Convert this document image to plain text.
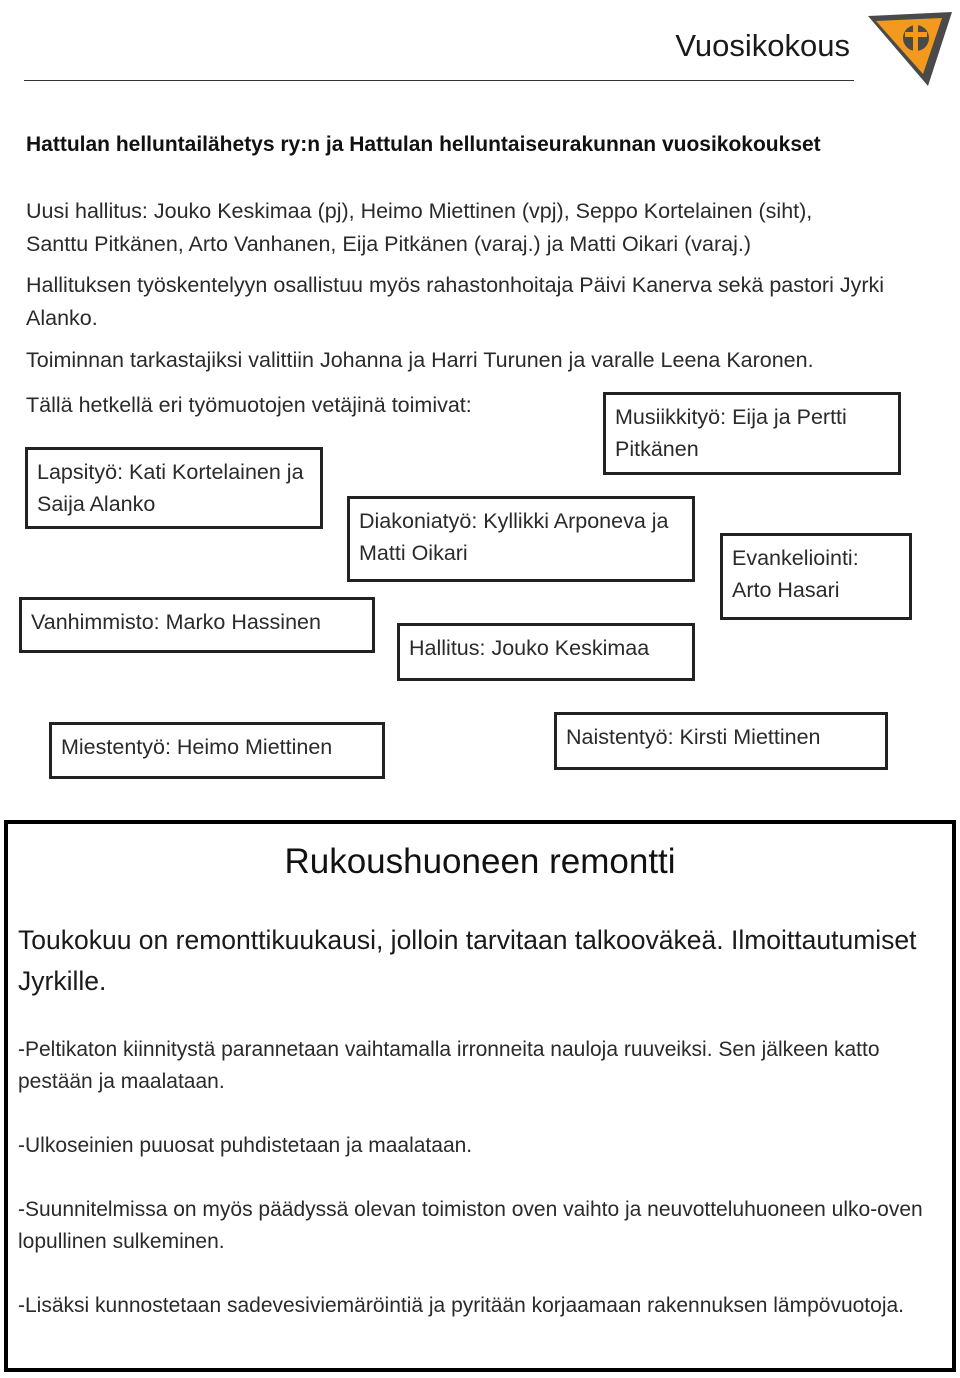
Vuosikokous
Hattulan helluntailähetys ry:n ja Hattulan helluntaiseurakunnan vuosikokoukset
Uusi hallitus: Jouko Keskimaa (pj), Heimo Miettinen (vpj), Seppo Kortelainen (siht),
Santtu Pitkänen, Arto Vanhanen, Eija Pitkänen (varaj.) ja Matti Oikari (varaj.)
Hallituksen työskentelyyn osallistuu myös rahastonhoitaja Päivi Kanerva sekä pastori Jyrki Alanko.
Toiminnan tarkastajiksi valittiin Johanna ja Harri Turunen ja varalle Leena Karonen.
Tällä hetkellä eri työmuotojen vetäjinä toimivat:	Musiikkityö: Eija ja Pertti Pitkänen
Lapsityö: Kati Kortelainen ja Saija Alanko
Diakoniatyö: Kyllikki Arponeva ja Matti Oikari	Evankeliointi: Arto Hasari
Vanhimmisto: Marko Hassinen
Hallitus: Jouko Keskimaa
Miestentyö: Heimo Miettinen	Naistentyö: Kirsti Miettinen
Rukoushuoneen remontti
Toukokuu on remonttikuukausi, jolloin tarvitaan talkooväkeä. Ilmoittautumiset Jyrkille.
-Peltikaton kiinnitystä parannetaan vaihtamalla irronneita nauloja ruuveiksi. Sen jälkeen katto pestään ja maalataan.
-Ulkoseinien puuosat puhdistetaan ja maalataan.
-Suunnitelmissa on myös päädyssä olevan toimiston oven vaihto ja neuvotteluhuoneen ulko-oven lopullinen sulkeminen.
-Lisäksi kunnostetaan sadevesiviemäröintiä ja pyritään korjaamaan rakennuksen lämpövuotoja.
